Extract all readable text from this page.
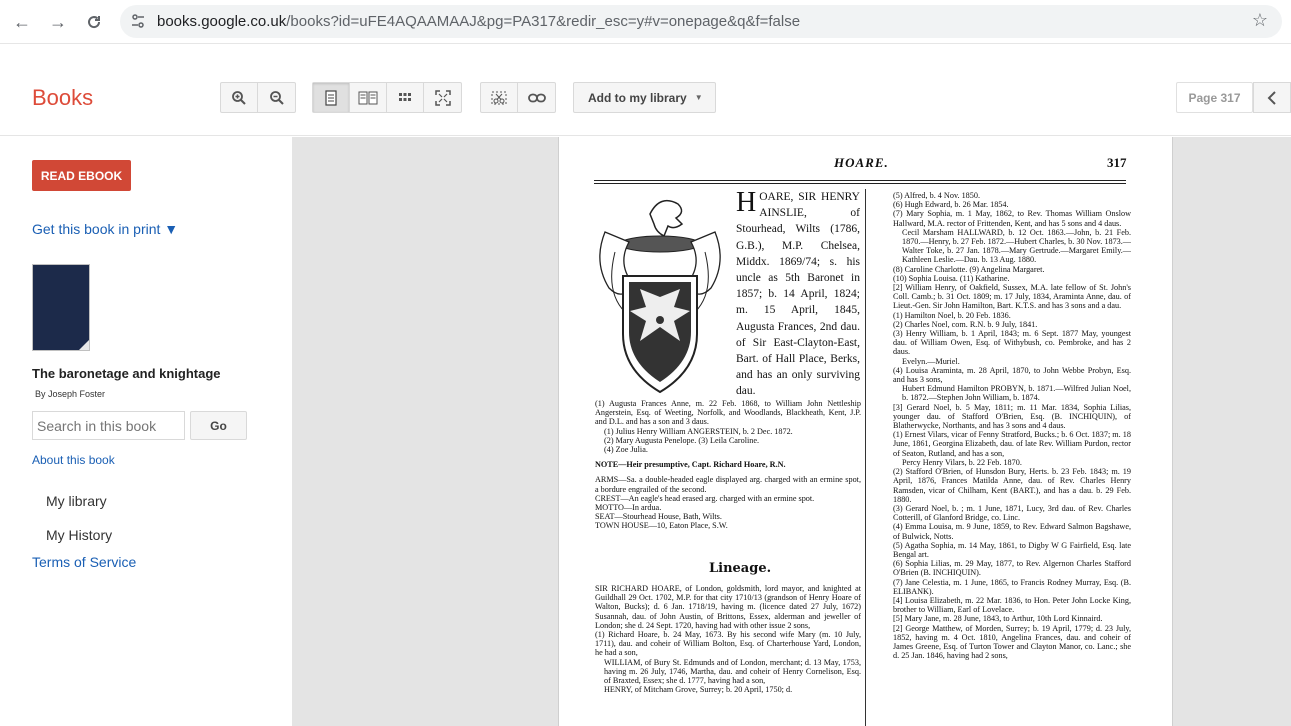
← →	books.google.co.uk/books?id=uFE4AQAAMAAJ&pg=PA317&redir_esc=y#v=onepage&q&f=false	☆
Books	Add to my library ▼	Page 317
READ EBOOK
Get this book in print ▼
The baronetage and knightage
By Joseph Foster
Search in this book
Go
About this book
My library
My History
Terms of Service
HOARE.	317
HOARE, SIR HENRY AINSLIE, of Stourhead, Wilts (1786, G.B.), M.P. Chelsea, Middx. 1869/74; s. his uncle as 5th Baronet in 1857; b. 14 April, 1824; m. 15 April, 1845, Augusta Frances, 2nd dau. of Sir East-Clayton-East, Bart. of Hall Place, Berks, and has an only surviving dau.
(1) Augusta Frances Anne, m. 22 Feb. 1868, to William John Nettleship Angerstein, Esq. of Weeting, Norfolk, and Woodlands, Blackheath, Kent, J.P. and D.L. and has a son and 3 daus.
(1) Julius Henry William ANGERSTEIN, b. 2 Dec. 1872.
(2) Mary Augusta Penelope. (3) Leila Caroline.
(4) Zoe Julia.
NOTE—Heir presumptive, Capt. Richard Hoare, R.N.
ARMS—Sa. a double-headed eagle displayed arg. charged with an ermine spot, a bordure engrailed of the second.
CREST—An eagle's head erased arg. charged with an ermine spot.
MOTTO—In ardua.
SEAT—Stourhead House, Bath, Wilts.
TOWN HOUSE—10, Eaton Place, S.W.
Lineage.
SIR RICHARD HOARE, of London, goldsmith, lord mayor, and knighted at Guildhall 29 Oct. 1702, M.P. for that city 1710/13 (grandson of Henry Hoare of Walton, Bucks); d. 6 Jan. 1718/19, having m. (licence dated 27 July, 1672) Susannah, dau. of John Austin, of Brittons, Essex, alderman and jeweller of London; she d. 24 Sept. 1720, having had with other issue 2 sons,
(1) Richard Hoare, b. 24 May, 1673. By his second wife Mary (m. 10 July, 1711), dau. and coheir of William Bolton, Esq. of Charterhouse Yard, London, he had a son,
WILLIAM, of Bury St. Edmunds and of London, merchant; d. 13 May, 1753, having m. 26 July, 1746, Martha, dau. and coheir of Henry Cornelison, Esq. of Braxted, Essex; she d. 1777, having had a son,
HENRY, of Mitcham Grove, Surrey; b. 20 April, 1750; d.
(5) Alfred, b. 4 Nov. 1850.
(6) Hugh Edward, b. 26 Mar. 1854.
(7) Mary Sophia, m. 1 May, 1862, to Rev. Thomas William Onslow Hallward, M.A. rector of Frittenden, Kent, and has 5 sons and 4 daus.
Cecil Marsham HALLWARD, b. 12 Oct. 1863.—John, b. 21 Feb. 1870.—Henry, b. 27 Feb. 1872.—Hubert Charles, b. 30 Nov. 1873.—Walter Toke, b. 27 Jan. 1878.—Mary Gertrude.—Margaret Emily.—Kathleen Leslie.—Dau. b. 13 Aug. 1880.
(8) Caroline Charlotte. (9) Angelina Margaret.
(10) Sophia Louisa. (11) Katharine.
[2] William Henry, of Oakfield, Sussex, M.A. late fellow of St. John's Coll. Camb.; b. 31 Oct. 1809; m. 17 July, 1834, Araminta Anne, dau. of Lieut.-Gen. Sir John Hamilton, Bart. K.T.S. and has 3 sons and a dau.
(1) Hamilton Noel, b. 20 Feb. 1836.
(2) Charles Noel, com. R.N. b. 9 July, 1841.
(3) Henry William, b. 1 April, 1843; m. 6 Sept. 1877 May, youngest dau. of William Owen, Esq. of Withybush, co. Pembroke, and has 2 daus.
Evelyn.—Muriel.
(4) Louisa Araminta, m. 28 April, 1870, to John Webbe Probyn, Esq. and has 3 sons,
Hubert Edmund Hamilton PROBYN, b. 1871.—Wilfred Julian Noel, b. 1872.—Stephen John William, b. 1874.
[3] Gerard Noel, b. 5 May, 1811; m. 11 Mar. 1834, Sophia Lilias, younger dau. of Stafford O'Brien, Esq. (B. INCHIQUIN), of Blatherwycke, Northants, and has 3 sons and 4 daus.
(1) Ernest Vilars, vicar of Fenny Stratford, Bucks.; b. 6 Oct. 1837; m. 18 June, 1861, Georgina Elizabeth, dau. of late Rev. William Purdon, rector of Seaton, Rutland, and has a son,
Percy Henry Vilars, b. 22 Feb. 1870.
(2) Stafford O'Brien, of Hunsdon Bury, Herts. b. 23 Feb. 1843; m. 19 April, 1876, Frances Matilda Anne, dau. of Rev. Charles Henry Ramsden, vicar of Chilham, Kent (BART.), and has a dau. b. 29 Feb. 1880.
(3) Gerard Noel, b. ; m. 1 June, 1871, Lucy, 3rd dau. of Rev. Charles Cotterill, of Glanford Bridge, co. Linc.
(4) Emma Louisa, m. 9 June, 1859, to Rev. Edward Salmon Bagshawe, of Bulwick, Notts.
(5) Agatha Sophia, m. 14 May, 1861, to Digby W G Fairfield, Esq. late Bengal art.
(6) Sophia Lilias, m. 29 May, 1877, to Rev. Algernon Charles Stafford O'Brien (B. INCHIQUIN).
(7) Jane Celestia, m. 1 June, 1865, to Francis Rodney Murray, Esq. (B. ELIBANK).
[4] Louisa Elizabeth, m. 22 Mar. 1836, to Hon. Peter John Locke King, brother to William, Earl of Lovelace.
[5] Mary Jane, m. 28 June, 1843, to Arthur, 10th Lord Kinnaird.
[2] George Matthew, of Morden, Surrey; b. 19 April, 1779; d. 23 July, 1852, having m. 4 Oct. 1810, Angelina Frances, dau. and coheir of James Greene, Esq. of Turton Tower and Clayton Manor, co. Lanc.; she d. 25 Jan. 1846, having had 2 sons,
